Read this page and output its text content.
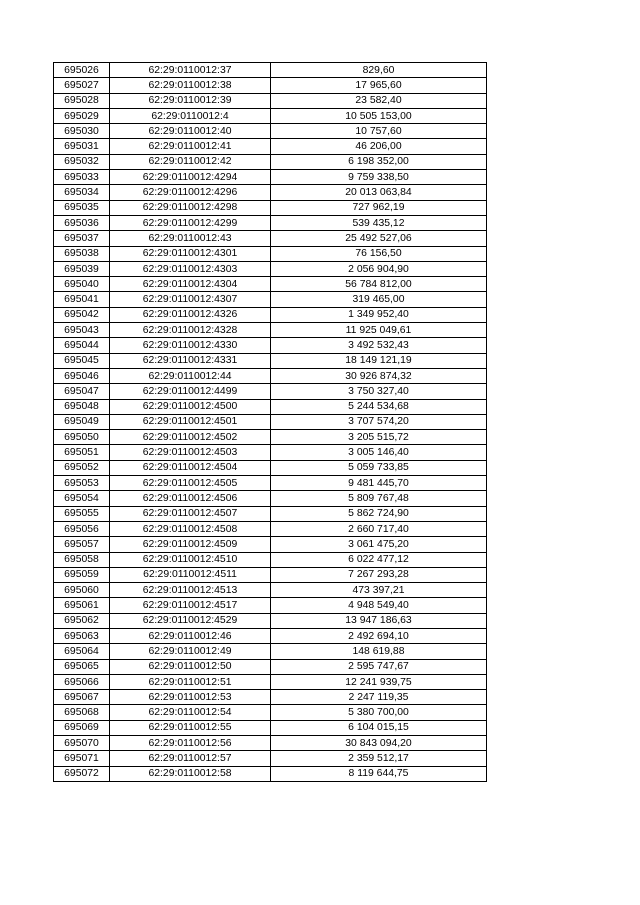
695026	62:29:0110012:37	829,60
695027	62:29:0110012:38	17 965,60
695028	62:29:0110012:39	23 582,40
695029	62:29:0110012:4	10 505 153,00
695030	62:29:0110012:40	10 757,60
695031	62:29:0110012:41	46 206,00
695032	62:29:0110012:42	6 198 352,00
695033	62:29:0110012:4294	9 759 338,50
695034	62:29:0110012:4296	20 013 063,84
695035	62:29:0110012:4298	727 962,19
695036	62:29:0110012:4299	539 435,12
695037	62:29:0110012:43	25 492 527,06
695038	62:29:0110012:4301	76 156,50
695039	62:29:0110012:4303	2 056 904,90
695040	62:29:0110012:4304	56 784 812,00
695041	62:29:0110012:4307	319 465,00
695042	62:29:0110012:4326	1 349 952,40
695043	62:29:0110012:4328	11 925 049,61
695044	62:29:0110012:4330	3 492 532,43
695045	62:29:0110012:4331	18 149 121,19
695046	62:29:0110012:44	30 926 874,32
695047	62:29:0110012:4499	3 750 327,40
695048	62:29:0110012:4500	5 244 534,68
695049	62:29:0110012:4501	3 707 574,20
695050	62:29:0110012:4502	3 205 515,72
695051	62:29:0110012:4503	3 005 146,40
695052	62:29:0110012:4504	5 059 733,85
695053	62:29:0110012:4505	9 481 445,70
695054	62:29:0110012:4506	5 809 767,48
695055	62:29:0110012:4507	5 862 724,90
695056	62:29:0110012:4508	2 660 717,40
695057	62:29:0110012:4509	3 061 475,20
695058	62:29:0110012:4510	6 022 477,12
695059	62:29:0110012:4511	7 267 293,28
695060	62:29:0110012:4513	473 397,21
695061	62:29:0110012:4517	4 948 549,40
695062	62:29:0110012:4529	13 947 186,63
695063	62:29:0110012:46	2 492 694,10
695064	62:29:0110012:49	148 619,88
695065	62:29:0110012:50	2 595 747,67
695066	62:29:0110012:51	12 241 939,75
695067	62:29:0110012:53	2 247 119,35
695068	62:29:0110012:54	5 380 700,00
695069	62:29:0110012:55	6 104 015,15
695070	62:29:0110012:56	30 843 094,20
695071	62:29:0110012:57	2 359 512,17
695072	62:29:0110012:58	8 119 644,75
